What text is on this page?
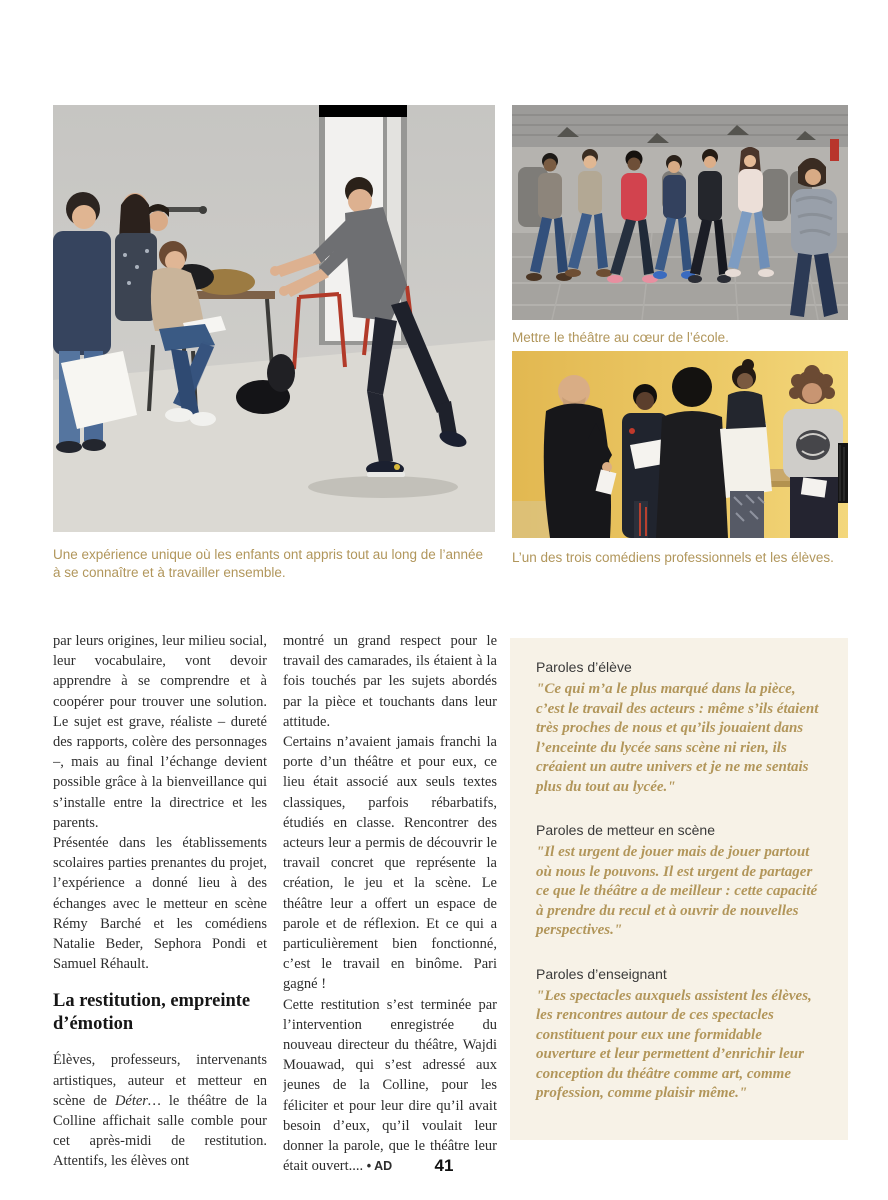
Une expérience unique où les enfants ont appris tout au long de l’année à se connaître et à travailler ensemble.
Mettre le théâtre au cœur de l’école.
L’un des trois comédiens professionnels et les élèves.

par leurs origines, leur milieu social, leur vocabulaire, vont devoir apprendre à se comprendre et à coopérer pour trouver une solution. Le sujet est grave, réaliste – dureté des rapports, colère des personnages –, mais au final l’échange devient possible grâce à la bienveillance qui s’installe entre la directrice et les parents.

Présentée dans les établissements scolaires parties prenantes du projet, l’expérience a donné lieu à des échanges avec le metteur en scène Rémy Barché et les comédiens Natalie Beder, Sephora Pondi et Samuel Réhault.

La restitution, empreinte d’émotion

Élèves, professeurs, intervenants artistiques, auteur et metteur en scène de Déter… le théâtre de la Colline affichait salle comble pour cet après-midi de restitution. Attentifs, les élèves ont

montré un grand respect pour le travail des camarades, ils étaient à la fois touchés par les sujets abordés par la pièce et touchants dans leur attitude.

Certains n’avaient jamais franchi la porte d’un théâtre et pour eux, ce lieu était associé aux seuls textes classiques, parfois rébarbatifs, étudiés en classe. Rencontrer des acteurs leur a permis de découvrir le travail concret que représente la création, le jeu et la scène. Le théâtre leur a offert un espace de parole et de réflexion. Et ce qui a particulièrement bien fonctionné, c’est le travail en binôme. Pari gagné !

Cette restitution s’est terminée par l’intervention enregistrée du nouveau directeur du théâtre, Wajdi Mouawad, qui s’est adressé aux jeunes de la Colline, pour les féliciter et pour leur dire qu’il avait besoin d’eux, qu’il voulait leur donner la parole, que le théâtre leur était ouvert.... • AD

Paroles d’élève
"Ce qui m’a le plus marqué dans la pièce, c’est le travail des acteurs : même s’ils étaient très proches de nous et qu’ils jouaient dans l’enceinte du lycée sans scène ni rien, ils créaient un autre univers et je ne me sentais plus du tout au lycée."
Paroles de metteur en scène
"Il est urgent de jouer mais de jouer partout où nous le pouvons. Il est urgent de partager ce que le théâtre a de meilleur : cette capacité à prendre du recul et à ouvrir de nouvelles perspectives."
Paroles d’enseignant
"Les spectacles auxquels assistent les élèves, les rencontres autour de ces spectacles constituent pour eux une formidable ouverture et leur permettent d’enrichir leur conception du théâtre comme art, comme profession, comme plaisir même."
41
